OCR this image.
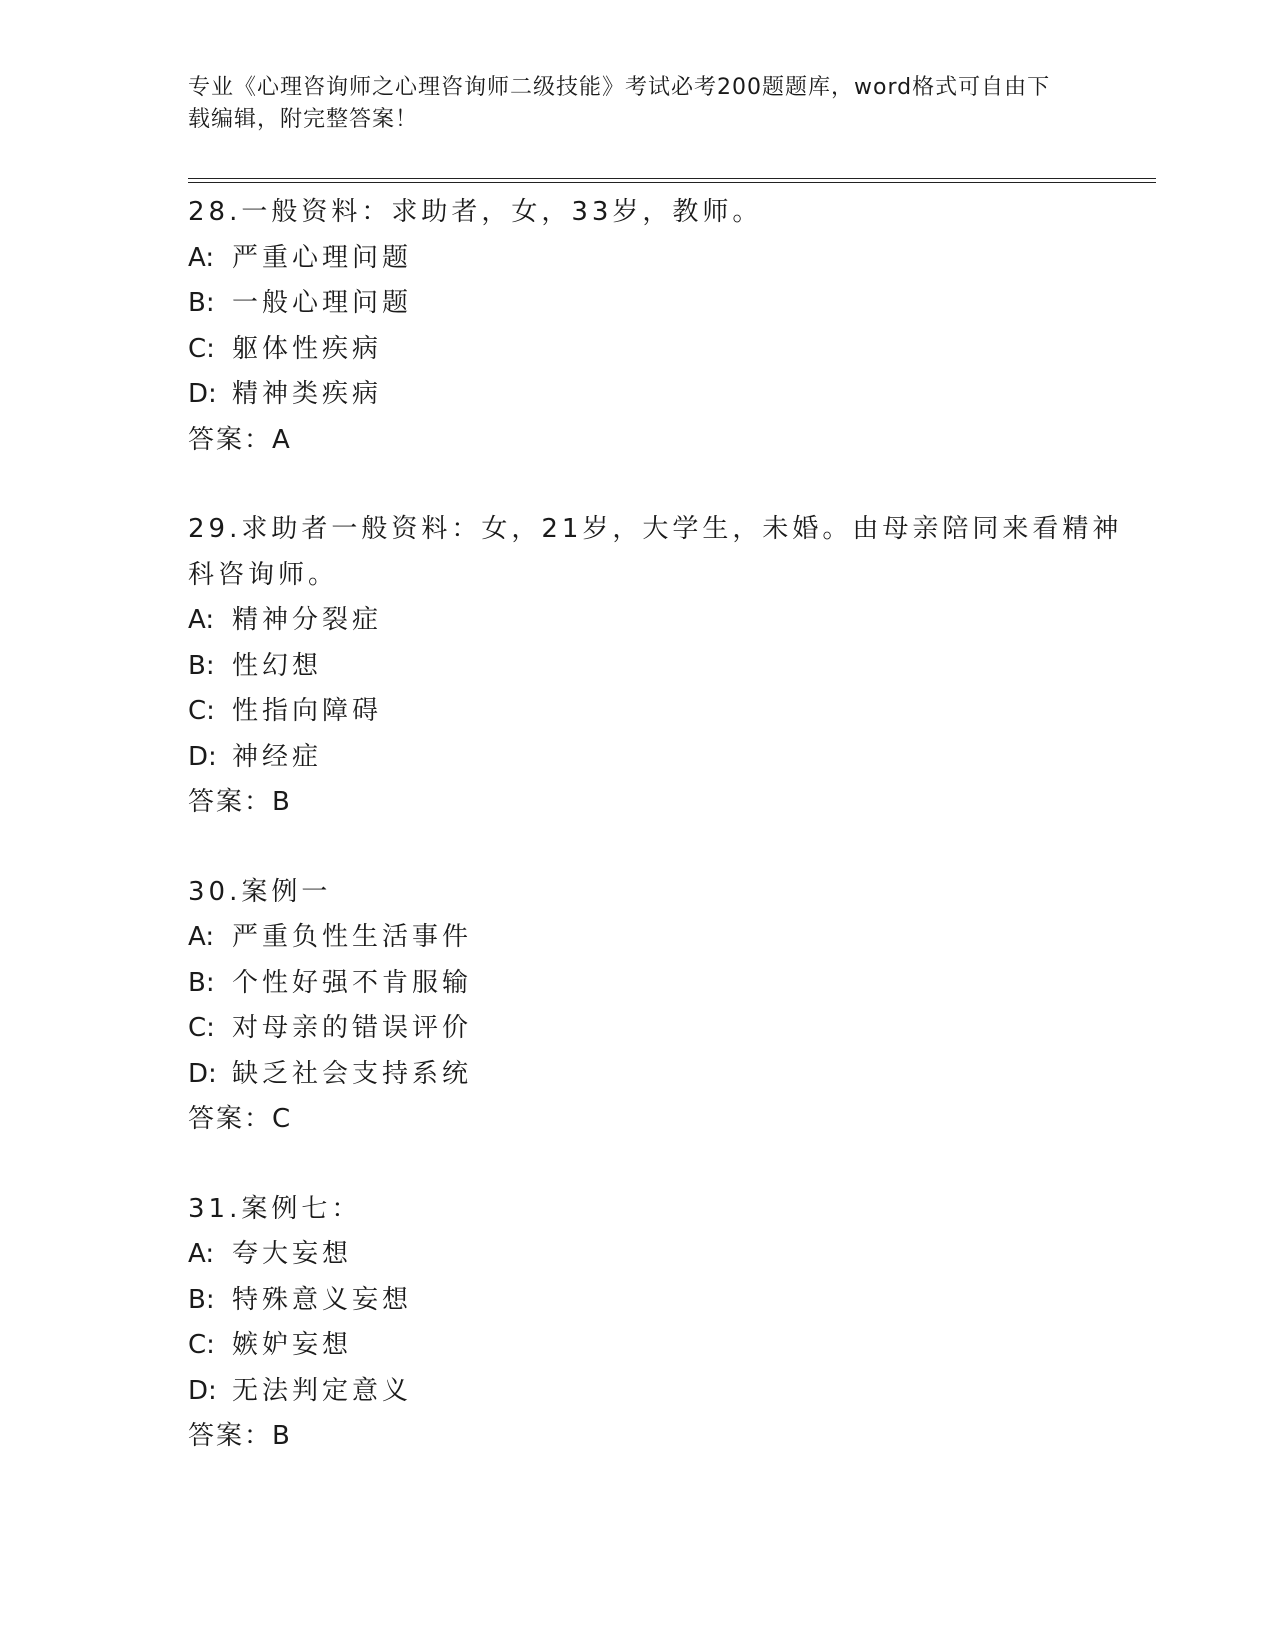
专业《心理咨询师之心理咨询师二级技能》考试必考200题题库，word格式可自由下载编辑，附完整答案！
28.一般资料：求助者，女，33岁，教师。
A: 严重心理问题
B: 一般心理问题
C: 躯体性疾病
D: 精神类疾病
答案：A
29.求助者一般资料：女，21岁，大学生，未婚。由母亲陪同来看精神科咨询师。
A: 精神分裂症
B: 性幻想
C: 性指向障碍
D: 神经症
答案：B
30.案例一
A: 严重负性生活事件
B: 个性好强不肯服输
C: 对母亲的错误评价
D: 缺乏社会支持系统
答案：C
31.案例七：
A: 夸大妄想
B: 特殊意义妄想
C: 嫉妒妄想
D: 无法判定意义
答案：B
